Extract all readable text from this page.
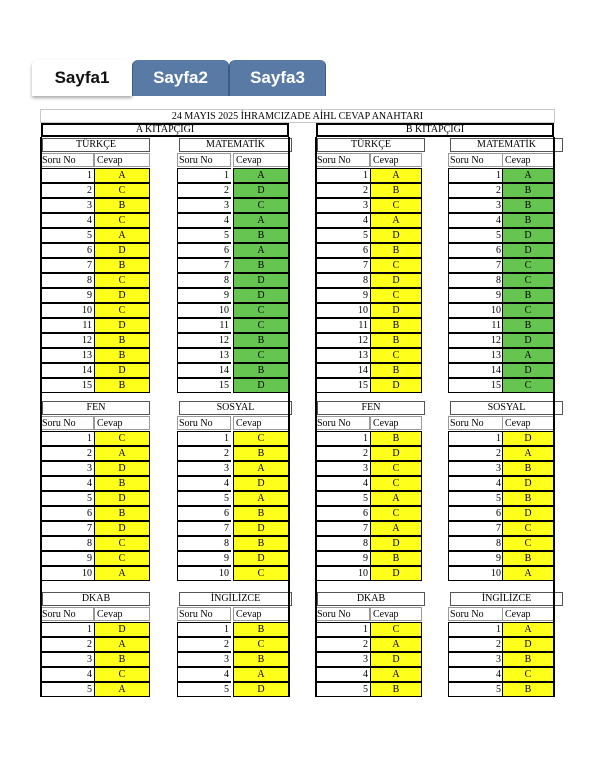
Sayfa1	Sayfa2	Sayfa3
24 MAYIS 2025 İHRAMCIZADE AİHL CEVAP ANAHTARI
A KİTAPÇIĞI	B KİTAPÇIĞI
TÜRKÇE
Soru No	Cevap
1	A
2	C
3	B
4	C
5	A
6	D
7	B
8	C
9	D
10	C
11	D
12	B
13	B
14	D
15	B
MATEMATİK
Soru No	Cevap
1	A
2	D
3	C
4	A
5	B
6	A
7	B
8	D
9	D
10	C
11	C
12	B
13	C
14	B
15	D
FEN
Soru No	Cevap
1	C
2	A
3	D
4	B
5	D
6	B
7	D
8	C
9	C
10	A
SOSYAL
Soru No	Cevap
1	C
2	B
3	A
4	D
5	A
6	B
7	D
8	B
9	D
10	C
DKAB
Soru No	Cevap
1	D
2	A
3	B
4	C
5	A
İNGİLİZCE
Soru No	Cevap
1	B
2	C
3	B
4	A
5	D
TÜRKÇE
Soru No	Cevap
1	A
2	B
3	C
4	A
5	D
6	B
7	C
8	D
9	C
10	D
11	B
12	B
13	C
14	B
15	D
MATEMATİK
Soru No	Cevap
1	A
2	B
3	B
4	B
5	D
6	D
7	C
8	C
9	B
10	C
11	B
12	D
13	A
14	D
15	C
FEN
Soru No	Cevap
1	B
2	D
3	C
4	C
5	A
6	C
7	A
8	D
9	B
10	D
SOSYAL
Soru No	Cevap
1	D
2	A
3	B
4	D
5	B
6	D
7	C
8	C
9	B
10	A
DKAB
Soru No	Cevap
1	C
2	A
3	D
4	A
5	B
İNGİLİZCE
Soru No	Cevap
1	A
2	D
3	B
4	C
5	B
